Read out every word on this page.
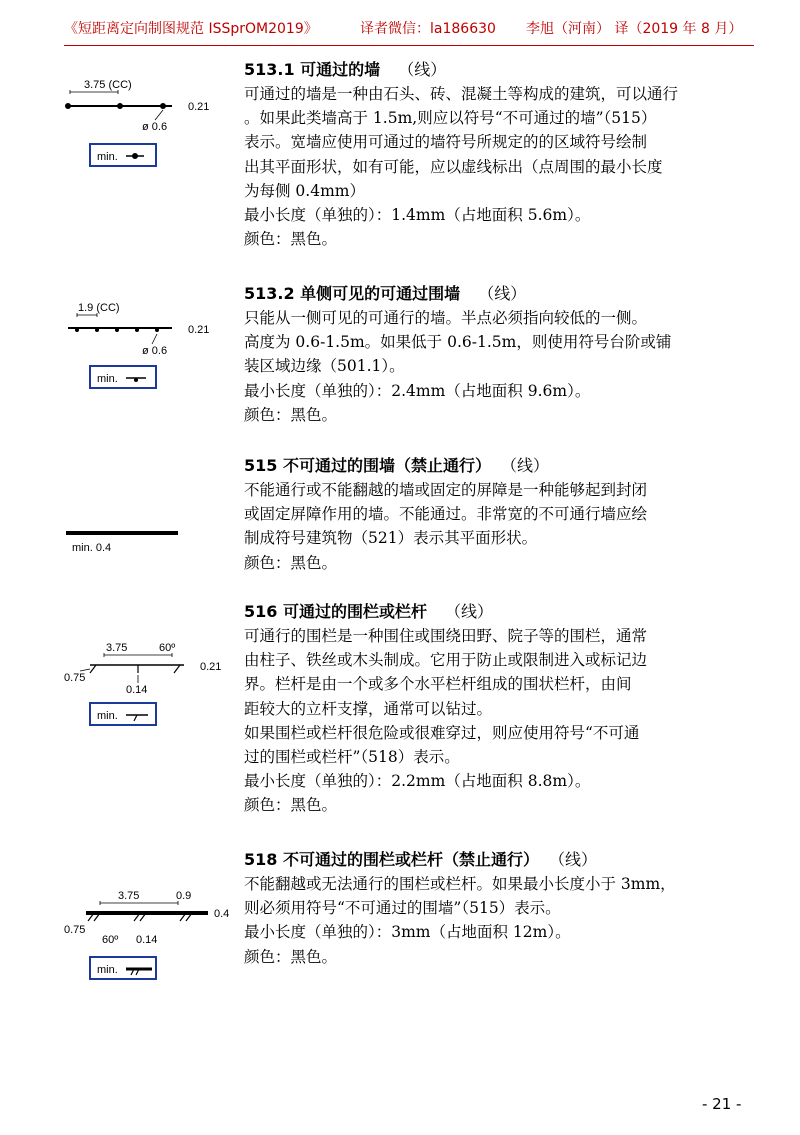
《短距离定向制图规范 ISSprOM2019》	译者微信：la186630 李旭（河南） 译（2019 年 8 月）
3.75 (CC)
0.21
ø 0.6
min.
513.1 可通过的墙 （线）
可通过的墙是一种由石头、砖、混凝土等构成的建筑，可以通行
。如果此类墙高于 1.5m,则应以符号“不可通过的墙”（515）
表示。宽墙应使用可通过的墙符号所规定的的区域符号绘制
出其平面形状，如有可能，应以虚线标出（点周围的最小长度
为每侧 0.4mm）
最小长度（单独的）：1.4mm（占地面积 5.6m）。
颜色：黑色。
1.9 (CC)
0.21
ø 0.6
min.
513.2 单侧可见的可通过围墙 （线）
只能从一侧可见的可通行的墙。半点必须指向较低的一侧。
高度为 0.6-1.5m。如果低于 0.6-1.5m，则使用符号台阶或铺
装区域边缘（501.1）。
最小长度（单独的）：2.4mm（占地面积 9.6m）。
颜色：黑色。
min. 0.4
515 不可通过的围墙（禁止通行） （线）
不能通行或不能翻越的墙或固定的屏障是一种能够起到封闭
或固定屏障作用的墙。不能通过。非常宽的不可通行墙应绘
制成符号建筑物（521）表示其平面形状。
颜色：黑色。
3.75	60º
0.75
0.21
0.14
min.
516 可通过的围栏或栏杆 （线）
可通行的围栏是一种围住或围绕田野、院子等的围栏，通常
由柱子、铁丝或木头制成。它用于防止或限制进入或标记边
界。栏杆是由一个或多个水平栏杆组成的围状栏杆，由间
距较大的立杆支撑，通常可以钻过。
如果围栏或栏杆很危险或很难穿过，则应使用符号“不可通
过的围栏或栏杆”（518）表示。
最小长度（单独的）：2.2mm（占地面积 8.8m）。
颜色：黑色。
3.75	0.9
0.75
60º
0.4
0.14
min.
518 不可通过的围栏或栏杆（禁止通行） （线）
不能翻越或无法通行的围栏或栏杆。如果最小长度小于 3mm，
则必须用符号“不可通过的围墙”（515）表示。
最小长度（单独的）：3mm（占地面积 12m）。
颜色：黑色。
- 21 -
